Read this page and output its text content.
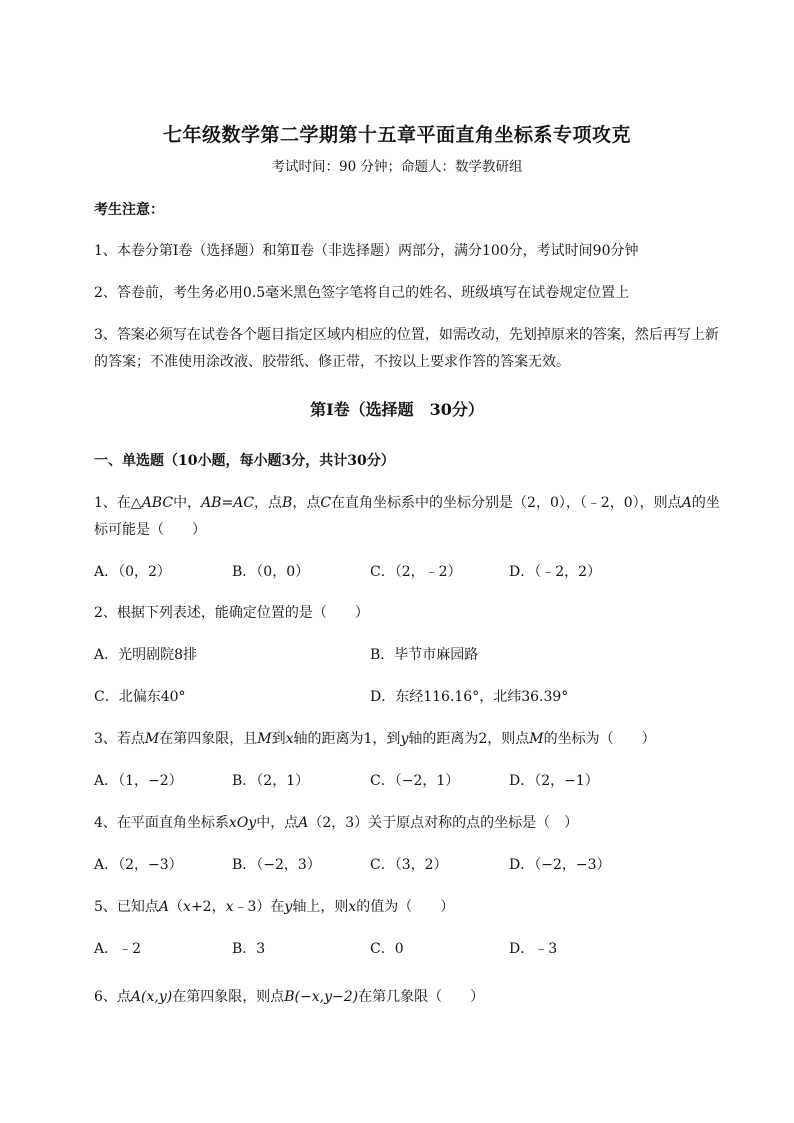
七年级数学第二学期第十五章平面直角坐标系专项攻克
考试时间：90 分钟；命题人：数学教研组
考生注意：
1、本卷分第Ⅰ卷（选择题）和第Ⅱ卷（非选择题）两部分，满分100分，考试时间90分钟
2、答卷前，考生务必用0.5毫米黑色签字笔将自己的姓名、班级填写在试卷规定位置上
3、答案必须写在试卷各个题目指定区域内相应的位置，如需改动，先划掉原来的答案，然后再写上新
的答案；不准使用涂改液、胶带纸、修正带，不按以上要求作答的答案无效。
第Ⅰ卷（选择题　30分）
一、单选题（10小题，每小题3分，共计30分）
1、在△ABC中，AB=AC，点B，点C在直角坐标系中的坐标分别是（2，0），（﹣2，0），则点A的坐
标可能是（　　）
A．（0，2）	B．（0，0）	C．（2，﹣2）	D．（﹣2，2）
2、根据下列表述，能确定位置的是（　　）
A．光明剧院8排	B．毕节市麻园路
C．北偏东40°	D．东经116.16°，北纬36.39°
3、若点M在第四象限，且M到x轴的距离为1，到y轴的距离为2，则点M的坐标为（　　）
A．（1，−2）	B．（2，1）	C．（−2，1）	D．（2，−1）
4、在平面直角坐标系xOy中，点A（2，3）关于原点对称的点的坐标是（　）
A．（2，−3）	B．（−2，3）	C．（3，2）	D．（−2，−3）
5、已知点A（x+2，x﹣3）在y轴上，则x的值为（　　）
A．﹣2	B．3	C．0	D．﹣3
6、点A(x,y)在第四象限，则点B(−x,y−2)在第几象限（　　）
